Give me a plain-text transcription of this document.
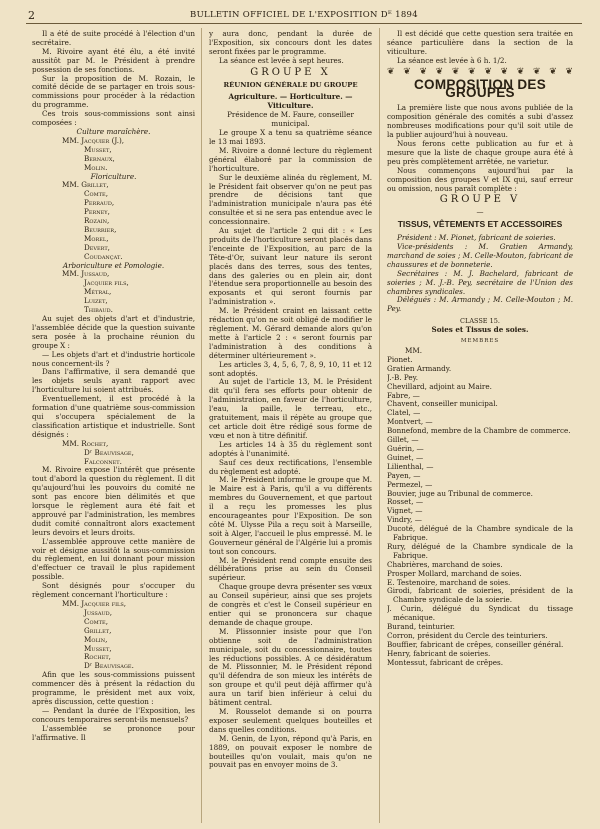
2	BULLETIN OFFICIEL DE L'EXPOSITION Dᴱ 1894

Il a été de suite procédé à l'élection d'un secrétaire.

M. Rivoire ayant été élu, a été invité aussitôt par M. le Président à prendre possession de ses fonctions.

Sur la proposition de M. Rozain, le comité décide de se partager en trois sous-commissions pour procéder à la rédaction du programme.

Ces trois sous-commissions sont ainsi composées :

Culture maraîchère.

MM. Jacquier (J.),
Musset,
Bernaux,
Molin.

Floriculture.

MM. Grillet,
Comte,
Perraud,
Perney,
Rozain,
Beurrier,
Morel,
Devert,
Coudançat.

Arboriculture et Pomologie.

MM. Jussaud,
Jacquier fils,
Métral,
Luizet,
Thibaud.

Au sujet des objets d'art et d'industrie, l'assemblée décide que la question suivante sera posée à la prochaine réunion du groupe X :

— Les objets d'art et d'industrie horticole nous concernent-ils ?

Dans l'affirmative, il sera demandé que les objets seuls ayant rapport avec l'horticulture lui soient attribués.

Eventuellement, il est procédé à la formation d'une quatrième sous-commission qui s'occupera spécialement de la classification artistique et industrielle. Sont désignés :

MM. Rochet,
Dʳ Beauvisage,
Falconnet.

M. Rivoire expose l'intérêt que présente tout d'abord la question du règlement. Il dit qu'aujourd'hui les pouvoirs du comité ne sont pas encore bien délimités et que lorsque le règlement aura été fait et approuvé par l'administration, les membres dudit comité connaîtront alors exactement leurs devoirs et leurs droits.

L'assemblée approuve cette manière de voir et désigne aussitôt la sous-commission du règlement, en lui donnant pour mission d'effectuer ce travail le plus rapidement possible.

Sont désignés pour s'occuper du règlement concernant l'horticulture :

MM. Jacquier fils,
Jussaud,
Comte,
Grillet,
Molin,
Musset,
Rochet,
Dʳ Beauvisage.

Afin que les sous-commissions puissent commencer dès à présent la rédaction du programme, le président met aux voix, après discussion, cette question :

— Pendant la durée de l'Exposition, les concours temporaires seront-ils mensuels?

L'assemblée se prononce pour l'affirmative. Il

y aura donc, pendant la durée de l'Exposition, six concours dont les dates seront fixées par le programme.

La séance est levée à sept heures.

GROUPE X
RÉUNION GÉNÉRALE DU GROUPE

Agriculture. — Horticulture. — Viticulture.

Présidence de M. Faure, conseiller municipal.

Le groupe X a tenu sa quatrième séance le 13 mai 1893.

M. Rivoire a donné lecture du règlement général élaboré par la commission de l'horticulture.

Sur le deuxième alinéa du règlement, M. le Président fait observer qu'on ne peut pas prendre de décisions tant que l'administration municipale n'aura pas été consultée et si ne sera pas entendue avec le concessionnaire.

Au sujet de l'article 2 qui dit : « Les produits de l'horticulture seront placés dans l'enceinte de l'Exposition, au parc de la Tête-d'Or, suivant leur nature ils seront placés dans des terres, sous des tentes, dans des galeries ou en plein air, dont l'étendue sera proportionnelle au besoin des exposants et qui seront fournis par l'administration ».

M. le Président craint en laissant cette rédaction qu'on ne soit obligé de modifier le règlement. M. Gérard demande alors qu'on mette à l'article 2 : « seront fournis par l'administration à des conditions à déterminer ultérieurement ».

Les articles 3, 4, 5, 6, 7, 8, 9, 10, 11 et 12 sont adoptés.

Au sujet de l'article 13, M. le Président dit qu'il fera ses efforts pour obtenir de l'administration, en faveur de l'horticulture, l'eau, la paille, le terreau, etc., gratuitement, mais il répète au groupe que cet article doit être rédigé sous forme de vœu et non à titre définitif.

Les articles 14 à 35 du règlement sont adoptés à l'unanimité.

Sauf ces deux rectifications, l'ensemble du règlement est adopté.

M. le Président informe le groupe que M. le Maire est à Paris, qu'il a vu différents membres du Gouvernement, et que partout il a reçu les promesses les plus encourageantes pour l'Exposition. De son côté M. Ulysse Pila a reçu soit à Marseille, soit à Alger, l'accueil le plus empressé. M. le Gouverneur général de l'Algérie lui a promis tout son concours.

M. le Président rend compte ensuite des délibérations prise au sein du Conseil supérieur.

Chaque groupe devra présenter ses vœux au Conseil supérieur, ainsi que ses projets de congrès et c'est le Conseil supérieur en entier qui se prononcera sur chaque demande de chaque groupe.

M. Plissonnier insiste pour que l'on obtienne soit de l'administration municipale, soit du concessionnaire, toutes les réductions possibles. A ce désidératum de M. Plissonnier, M. le Président répond qu'il défendra de son mieux les intérêts de son groupe et qu'il peut déjà affirmer qu'à aura un tarif bien inférieur à celui du bâtiment central.

M. Rousselot demande si on pourra exposer seulement quelques bouteilles et dans quelles conditions.

M. Genin, de Lyon, répond qu'à Paris, en 1889, on pouvait exposer le nombre de bouteilles qu'on voulait, mais qu'on ne pouvait pas en envoyer moins de 3.

Il est décidé que cette question sera traitée en séance particulière dans la section de la viticulture.

La séance est levée à 6 h. 1/2.

❦ ❦ ❦ ❦ ❦ ❦ ❦ ❦ ❦ ❦ ❦ ❦
COMPOSITION DES GROUPES

La première liste que nous avons publiée de la composition générale des comités a subi d'assez nombreuses modifications pour qu'il soit utile de la publier aujourd'hui à nouveau.

Nous ferons cette publication au fur et à mesure que la liste de chaque groupe aura été à peu près complètement arrêtée, ne varietur.

Nous commençons aujourd'hui par la composition des groupes V et IX qui, sauf erreur ou omission, nous paraît complète :

GROUPE V
—
TISSUS, VÊTEMENTS ET ACCESSOIRES

Président : M. Pionet, fabricant de soieries.

Vice-présidents : M. Gratien Armandy, marchand de soies ; M. Celle-Mouton, fabricant de chaussures et de bonneterie.

Secrétaires : M. J. Bachelard, fabricant de soieries ; M. J.-B. Pey, secrétaire de l'Union des chambres syndicales.

Délégués : M. Armandy ; M. Celle-Mouton ; M. Pey.

CLASSE 15.

Soies et Tissus de soies.

MEMBRES

MM.

Pionet.
Gratien Armandy.
J.-B. Pey.
Chevillard, adjoint au Maire.
Fabre, —
Chavent, conseiller municipal.
Clatel, —
Montvert, —
Bonnefond, membre de la Chambre de commerce.
Gillet, —
Guérin, —
Guinet, —
Lilienthal, —
Payen, —
Permezel, —
Bouvier, juge au Tribunal de commerce.
Rosset, —
Vignet, —
Vindry, —
Ducoté, délégué de la Chambre syndicale de la Fabrique.
Rury, délégué de la Chambre syndicale de la Fabrique.
Chabrières, marchand de soies.
Prosper Mollard, marchand de soies.
E. Testenoire, marchand de soies.
Girodi, fabricant de soieries, président de la Chambre syndicale de la soierie.
J. Curin, délégué du Syndicat du tissage mécanique.
Burand, teinturier.
Corron, président du Cercle des teinturiers.
Bouffier, fabricant de crêpes, conseiller général.
Henry, fabricant de soieries.
Montessut, fabricant de crêpes.
